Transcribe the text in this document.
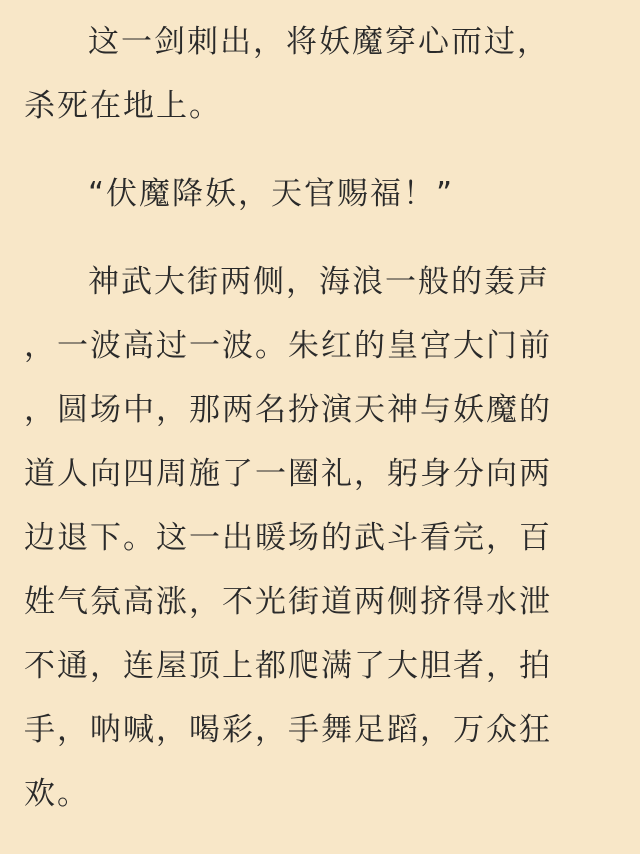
这一剑刺出，将妖魔穿心而过，
杀死在地上。
“伏魔降妖，天官赐福！”
神武大街两侧，海浪一般的轰声
，一波高过一波。朱红的皇宫大门前
，圆场中，那两名扮演天神与妖魔的
道人向四周施了一圈礼，躬身分向两
边退下。这一出暖场的武斗看完，百
姓气氛高涨，不光街道两侧挤得水泄
不通，连屋顶上都爬满了大胆者，拍
手，呐喊，喝彩，手舞足蹈，万众狂
欢。
